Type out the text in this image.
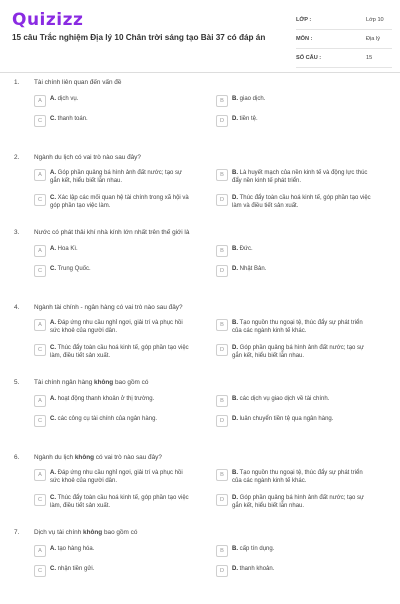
Quizizz
15 câu Trắc nghiệm Địa lý 10 Chân trời sáng tạo Bài 37 có đáp án
LỚP :	Lớp 10
MÔN :	Địa lý
SỐ CÂU :	15
1. Tài chính liên quan đến vấn đề
A	A. dịch vụ.	B	B. giao dịch.
C	C. thanh toán.	D	D. tiền tệ.
2. Ngành du lịch có vai trò nào sau đây?
A	A. Góp phần quảng bá hình ảnh đất nước; tạo sự gắn kết, hiểu biết lẫn nhau.
B	B. Là huyết mạch của nền kinh tế và động lực thúc đẩy nền kinh tế phát triển.
C	C. Xác lập các mối quan hệ tài chính trong xã hội và góp phần tạo việc làm.
D	D. Thúc đẩy toàn cầu hoá kinh tế, góp phần tạo việc làm và điều tiết sản xuất.
3. Nước có phát thải khí nhà kính lớn nhất trên thế giới là
A	A. Hoa Kì.	B	B. Đức.
C	C. Trung Quốc.	D	D. Nhật Bản.
4. Ngành tài chính - ngân hàng có vai trò nào sau đây?
A	A. Đáp ứng nhu cầu nghỉ ngơi, giải trí và phục hồi sức khoẻ của người dân.
B	B. Tạo nguồn thu ngoại tệ, thúc đẩy sự phát triển của các ngành kinh tế khác.
C	C. Thúc đẩy toàn cầu hoá kinh tế, góp phần tạo việc làm, điều tiết sản xuất.
D	D. Góp phần quảng bá hình ảnh đất nước; tạo sự gắn kết, hiểu biết lẫn nhau.
5. Tài chính ngân hàng không bao gồm có
A	A. hoạt động thanh khoản ở thị trường.	B	B. các dịch vụ giao dịch về tài chính.
C	C. các công cụ tài chính của ngân hàng.	D	D. luân chuyển tiền tệ qua ngân hàng.
6. Ngành du lịch không có vai trò nào sau đây?
A	A. Đáp ứng nhu cầu nghỉ ngơi, giải trí và phục hồi sức khoẻ của người dân.
B	B. Tạo nguồn thu ngoại tệ, thúc đẩy sự phát triển của các ngành kinh tế khác.
C	C. Thúc đẩy toàn cầu hoá kinh tế, góp phần tạo việc làm, điều tiết sản xuất.
D	D. Góp phần quảng bá hình ảnh đất nước; tạo sự gắn kết, hiểu biết lẫn nhau.
7. Dịch vụ tài chính không bao gồm có
A	A. tạo hàng hóa.	B	B. cấp tín dụng.
C	C. nhận tiền gửi.	D	D. thanh khoản.
